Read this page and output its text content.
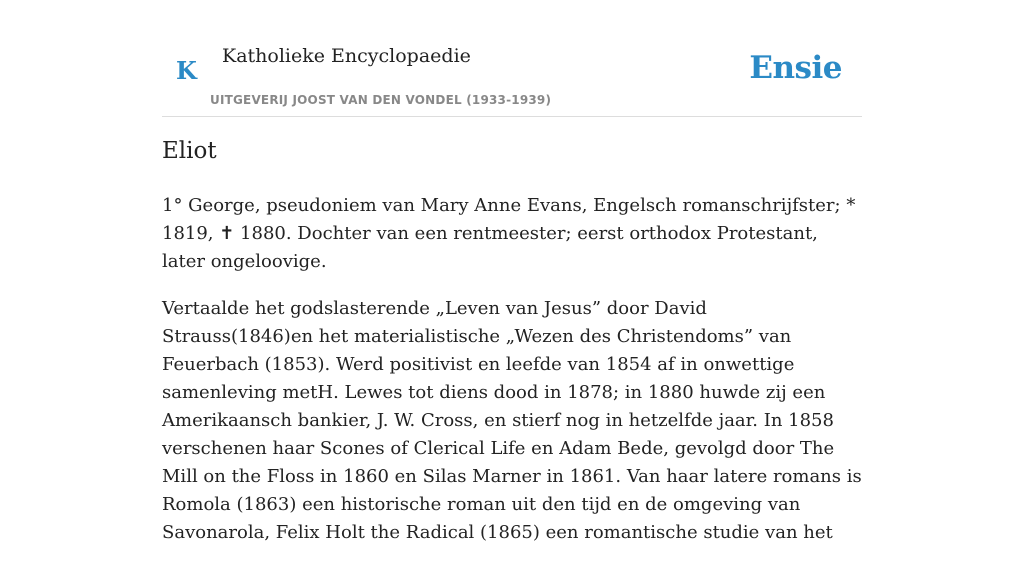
K Katholieke Encyclopaedie
UITGEVERIJ JOOST VAN DEN VONDEL (1933-1939)
Ensie
Eliot

1° George, pseudoniem van Mary Anne Evans, Engelsch romanschrijfster; * 1819, ✝ 1880. Dochter van een rentmeester; eerst orthodox Protestant, later ongeloovige.

Vertaalde het godslasterende „Leven van Jesus” door David Strauss(1846)en het materialistische „Wezen des Christendoms” van Feuerbach (1853). Werd positivist en leefde van 1854 af in onwettige samenleving metH. Lewes tot diens dood in 1878; in 1880 huwde zij een Amerikaansch bankier, J. W. Cross, en stierf nog in hetzelfde jaar. In 1858 verschenen haar Scones of Clerical Life en Adam Bede, gevolgd door The Mill on the Floss in 1860 en Silas Marner in 1861. Van haar latere romans is Romola (1863) een historische roman uit den tijd en de omgeving van Savonarola, Felix Holt the Radical (1865) een romantische studie van het
